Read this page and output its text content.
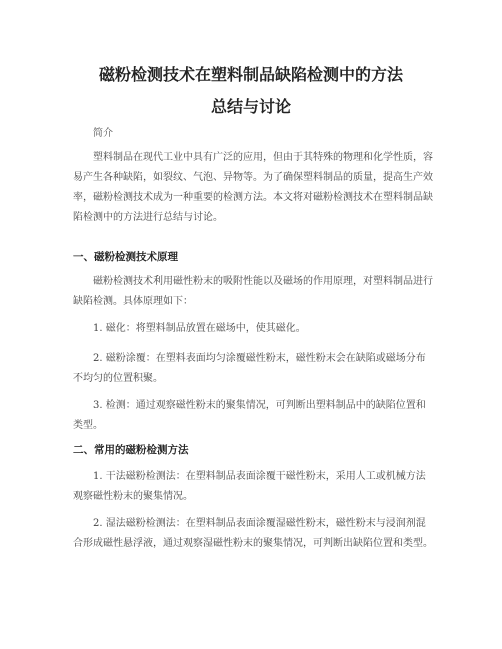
磁粉检测技术在塑料制品缺陷检测中的方法
总结与讨论

简介

塑料制品在现代工业中具有广泛的应用，但由于其特殊的物理和化学性质，容易产生各种缺陷，如裂纹、气泡、异物等。为了确保塑料制品的质量，提高生产效率，磁粉检测技术成为一种重要的检测方法。本文将对磁粉检测技术在塑料制品缺陷检测中的方法进行总结与讨论。

一、磁粉检测技术原理

磁粉检测技术利用磁性粉末的吸附性能以及磁场的作用原理，对塑料制品进行缺陷检测。具体原理如下：

1. 磁化：将塑料制品放置在磁场中，使其磁化。

2. 磁粉涂覆：在塑料表面均匀涂覆磁性粉末，磁性粉末会在缺陷或磁场分布不均匀的位置积聚。

3. 检测：通过观察磁性粉末的聚集情况，可判断出塑料制品中的缺陷位置和类型。

二、常用的磁粉检测方法

1. 干法磁粉检测法：在塑料制品表面涂覆干磁性粉末，采用人工或机械方法观察磁性粉末的聚集情况。

2. 湿法磁粉检测法：在塑料制品表面涂覆湿磁性粉末，磁性粉末与浸润剂混合形成磁性悬浮液，通过观察湿磁性粉末的聚集情况，可判断出缺陷位置和类型。
